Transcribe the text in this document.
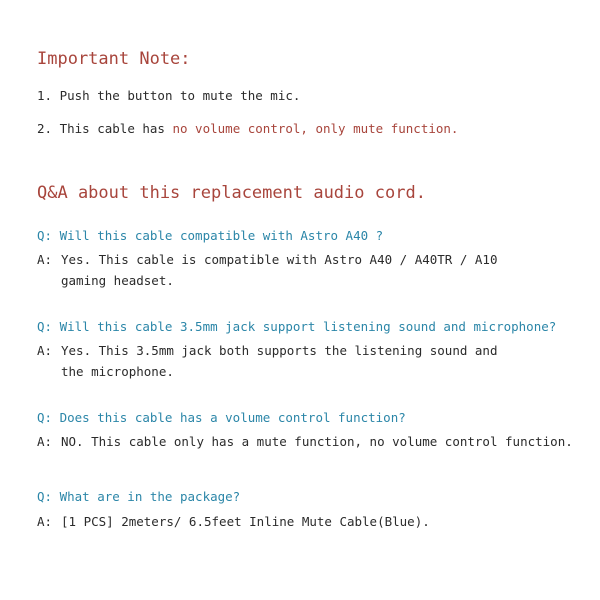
Important Note:
1. Push the button to mute the mic.
2. This cable has no volume control, only mute function.
Q&A about this replacement audio cord.
Q: Will this cable compatible with Astro A40 ?
A: Yes. This cable is compatible with Astro A40 / A40TR / A10
gaming headset.
Q: Will this cable 3.5mm jack support listening sound and microphone?
A: Yes. This 3.5mm jack both supports the listening sound and
the microphone.
Q: Does this cable has a volume control function?
A: NO. This cable only has a mute function, no volume control function.
Q: What are in the package?
A: [1 PCS] 2meters/ 6.5feet Inline Mute Cable(Blue).
